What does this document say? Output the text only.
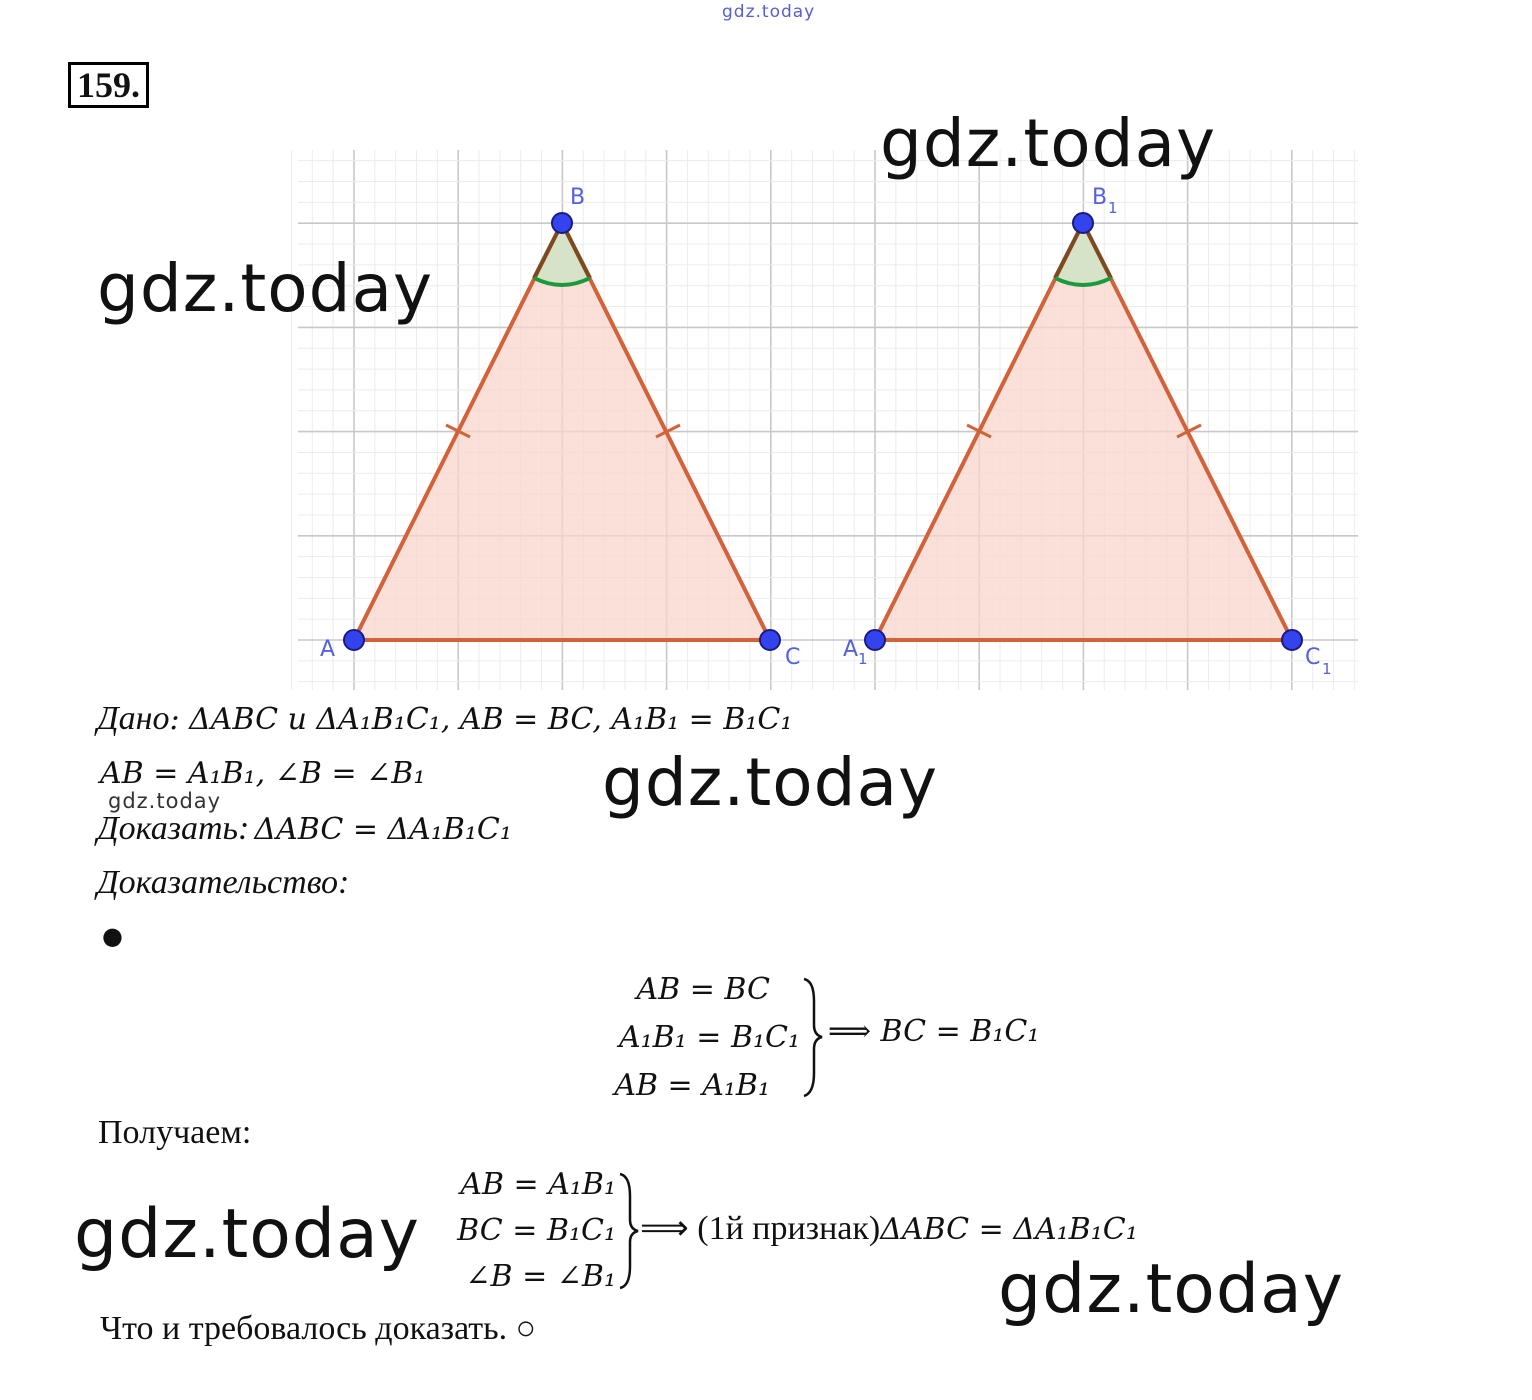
gdz.today
159.
A
B
C A 1
B 1
C 1
Дано: ΔABC и ΔA₁B₁C₁, AB = BC, A₁B₁ = B₁C₁
AB = A₁B₁, ∠B = ∠B₁
Доказать: ΔABC = ΔA₁B₁C₁
Доказательство:
●
AB = BC
A₁B₁ = B₁C₁
AB = A₁B₁
⟹ BC = B₁C₁
Получаем:
AB = A₁B₁
BC = B₁C₁
∠B = ∠B₁
⟹ (1й признак)ΔABC = ΔA₁B₁C₁
Что и требовалось доказать. ○
gdz.today
gdz.today
gdz.today
gdz.today
gdz.today
gdz.today
